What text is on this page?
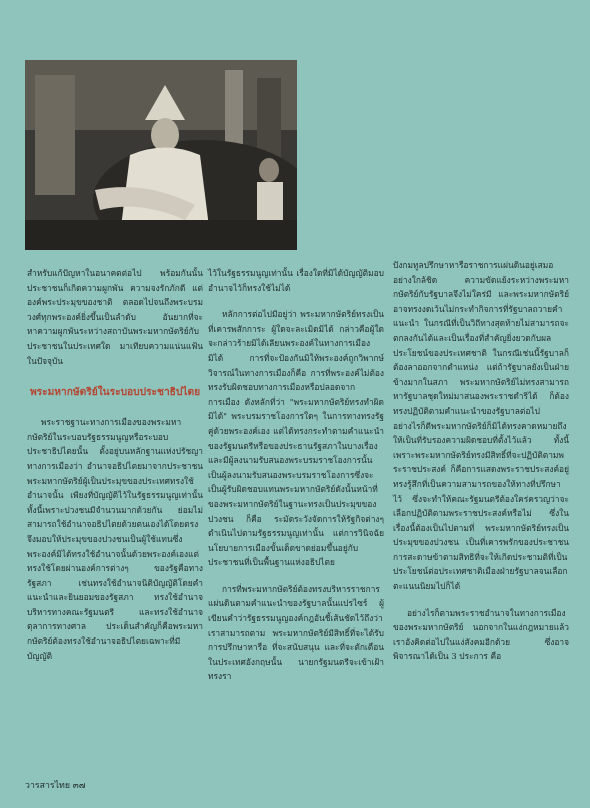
สำหรับแก้ปัญหาในอนาคตต่อไป พร้อมกันนั้นประชาชนก็เกิดความผูกพัน ความจงรักภักดี แต่องค์พระประมุขของชาติ ตลอดไปจนถึงพระบรมวงศ์ทุกพระองค์ยิ่งขึ้นเป็นลำดับ อันยากที่จะหาความผูกพันระหว่างสถาบันพระมหากษัตริย์กับประชาชนในประเทศใด มาเทียบความแน่นแฟ้นในปัจจุบัน

พระมหากษัตริย์ในระบอบประชาธิปไตย

พระราชฐานะทางการเมืองของพระมหากษัตริย์ในระบอบรัฐธรรมนูญหรือระบอบประชาธิปไตยนั้น ตั้งอยู่บนหลักฐานแห่งปรัชญาทางการเมืองว่า อำนาจอธิปไตยมาจากประชาชนพระมหากษัตริย์ผู้เป็นประมุขของประเทศทรงใช้อำนาจนั้น เพียงที่บัญญัติไว้ในรัฐธรรมนูญเท่านั้น ทั้งนี้เพราะปวงชนมีจำนวนมากด้วยกัน ย่อมไม่สามารถใช้อำนาจอธิปไตยด้วยตนเองได้โดยตรง จึงมอบให้ประมุขของปวงชนเป็นผู้ใช้แทนซึ่งพระองค์มิได้ทรงใช้อำนาจนั้นด้วยพระองค์เองแต่ทรงใช้โดยผ่านองค์การต่างๆ ของรัฐคือทางรัฐสภา เช่นทรงใช้อำนาจนิติบัญญัติโดยคำแนะนำและยินยอมของรัฐสภา ทรงใช้อำนาจบริหารทางคณะรัฐมนตรี และทรงใช้อำนาจตุลาการทางศาล ประเด็นสำคัญก็คือพระมหากษัตริย์ต้องทรงใช้อำนาจอธิปไตยเฉพาะที่มีบัญญัติ

ไว้ในรัฐธรรมนูญเท่านั้น เรื่องใดที่มิได้บัญญัติมอบอำนาจไว้ก็ทรงใช้ไม่ได้

หลักการต่อไปมีอยู่ว่า พระมหากษัตริย์ทรงเป็นที่เคารพสักการะ ผู้ใดจะละเมิดมิได้ กล่าวคือผู้ใดจะกล่าวร้ายมิได้เลียนพระองค์ในทางการเมืองมิได้ การที่จะป้องกันมิให้พระองค์ถูกวิพากษ์วิจารณ์ในทางการเมืองก็คือ การที่พระองค์ไม่ต้องทรงรับผิดชอบทางการเมืองหรือปลอดจากการเมือง ดังหลักที่ว่า "พระมหากษัตริย์ทรงทำผิดมิได้" พระบรมราชโองการใดๆ ในการทางทรงรัฐคู่ด้วยพระองค์เอง แต่ได้ทรงกระทำตามคำแนะนำของรัฐมนตรีหรือของประธานรัฐสภาในบางเรื่อง และมีผู้ลงนามรับสนองพระบรมราชโองการนั้นเป็นผู้ลงนามรับสนองพระบรมราชโองการซึ่งจะเป็นผู้รับผิดชอบแทนพระมหากษัตริย์ดังนั้นหน้าที่ของพระมหากษัตริย์ในฐานะทรงเป็นประมุขของปวงชน ก็คือ ระมัดระวังจัดการให้รัฐกิจต่างๆ ดำเนินไปตามรัฐธรรมนูญเท่านั้น แต่การวินิจฉัยนโยบายการเมืองขั้นเด็ดขาดย่อมขึ้นอยู่กับประชาชนที่เป็นพื้นฐานแห่งอธิปไตย

การที่พระมหากษัตริย์ต้องทรงบริหารราชการแผ่นดินตามคำแนะนำของรัฐบาลนั้นแปรไซร์ ผู้เขียนคำว่ารัฐธรรมนูญองค์กฎอันชี้เส้นชัดไว้ถึงว่าเราสามารถตาม พระมหากษัตริย์มีสิทธิ์ที่จะได้รับการปรึกษาหารือ ที่จะสนับสนุน และที่จะตักเตือน ในประเทศอังกฤษนั้น นายกรัฐมนตรีจะเข้าเฝ้าทรงรา

ปังกมทูลปรึกษาหารือราชการแผ่นดินอยู่เสมออย่างใกล้ชิด ความขัดแย้งระหว่างพระมหากษัตริย์กับรัฐบาลจึงไม่ใคร่มี และพระมหากษัตริย์อาจทรงงดเว้นไม่กระทำกิจการที่รัฐบาลถวายคำแนะนำ ในกรณีที่เป็นวิถีทางสุดท้ายไม่สามารถจะตกลงกันได้และเป็นเรื่องที่สำคัญยิ่งยวดกับผลประโยชน์ของประเทศชาติ ในกรณีเช่นนี้รัฐบาลก็ต้องลาออกจากตำแหน่ง แต่ถ้ารัฐบาลยังเป็นฝ่ายข้างมากในสภา พระมหากษัตริย์ไม่ทรงสามารถหารัฐบาลชุดใหม่มาสนองพระราชดำริได้ ก็ต้องทรงปฏิบัติตามคำแนะนำของรัฐบาลต่อไป อย่างไรก็ดีพระมหากษัตริย์ก็มิได้ทรงคาดหมายถึงให้เป็นที่รับรองความผิดชอบที่ตั้งไว้แล้ว ทั้งนี้เพราะพระมหากษัตริย์ทรงมีสิทธิ์ที่จะปฏิบัติตามพระราชประสงค์ ก็คือการแสดงพระราชประสงค์อยู่ทรงรู้สึกที่เป็นความสามารถของให้ทางที่ปรึกษาไว้ ซึ่งจะทำให้คณะรัฐมนตรีต้องใคร่ครวญว่าจะเลือกปฏิบัติตามพระราชประสงค์หรือไม่ ซึ่งในเรื่องนี้ต้องเป็นไปตามที่ พระมหากษัตริย์ทรงเป็นประมุขของปวงชน เป็นที่เคารพรักของประชาชนการสะดาษข้าตามสิทธิที่จะให้เกิดประชามติที่เป็นประโยชน์ต่อประเทศชาติเมืองฝ่ายรัฐบาลจนเลือกตะแนนนิยมไปก็ได้

อย่างไรก็ตามพระราชอำนาจในทางการเมืองของพระมหากษัตริย์ นอกจากในแง่กฎหมายแล้ว เราอังคิดต่อไปในแง่สังคมอีกด้วย ซึ่งอาจพิจารณาได้เป็น 3 ประการ คือ

วารสารไทย ๓๗
